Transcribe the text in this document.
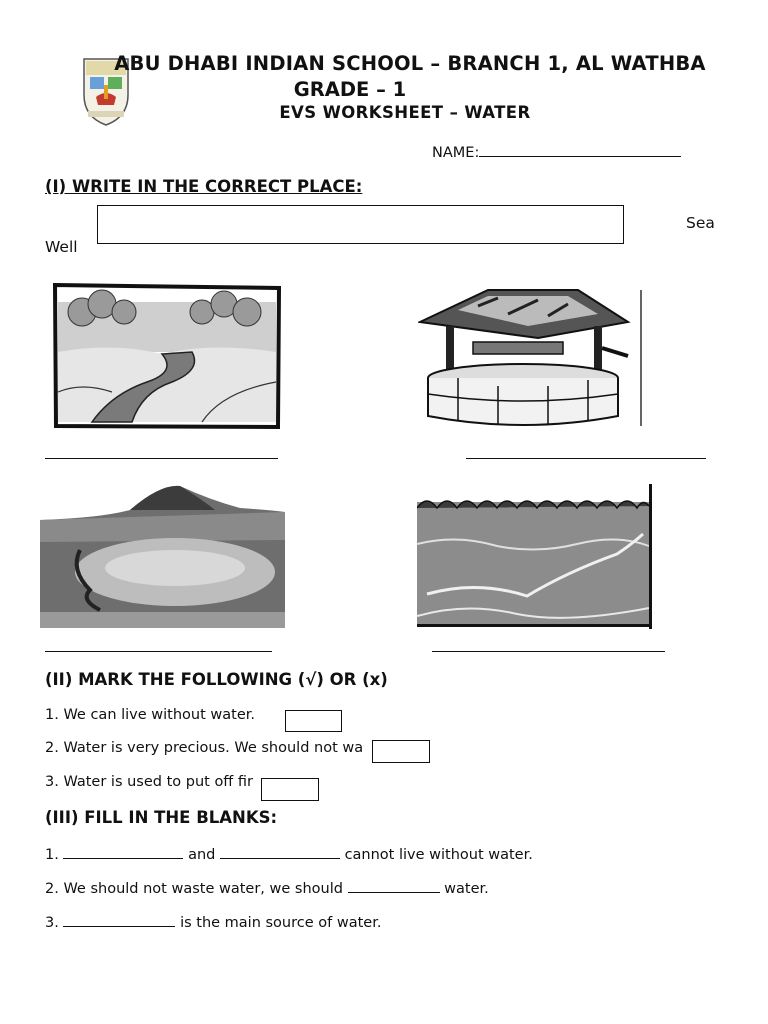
ABU DHABI INDIAN SCHOOL – BRANCH 1, AL WATHBA
GRADE – 1
EVS WORKSHEET – WATER
NAME:
(I) WRITE IN THE CORRECT PLACE:
Sea
Well
(II) MARK THE FOLLOWING (√) OR (x)
1. We can live without water.
2. Water is very precious. We should not wa
3. Water is used to put off fir
(III) FILL IN THE BLANKS:
1.	and	cannot live without water.
2. We should not waste water, we should	water.
3.	is the main source of water.
